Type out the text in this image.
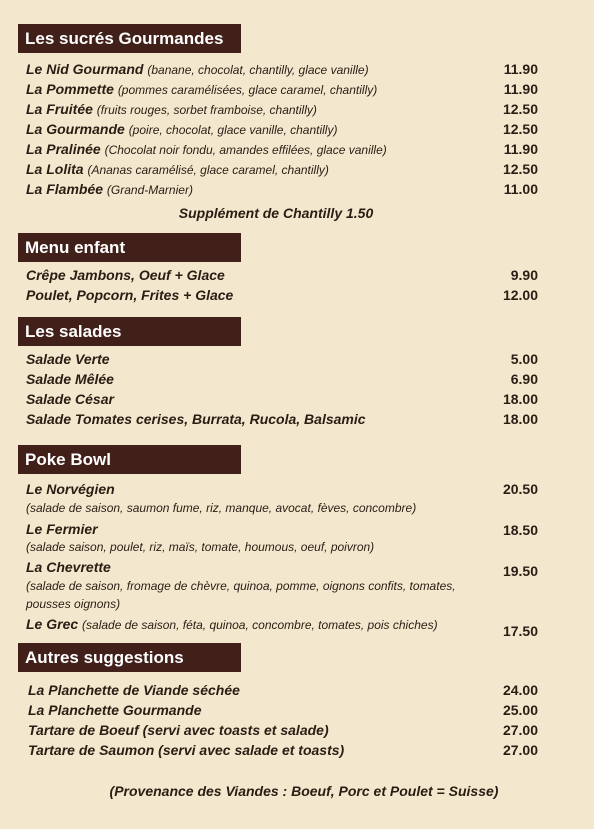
Les sucrés Gourmandes
Le Nid Gourmand (banane, chocolat, chantilly, glace vanille)	11.90
La Pommette (pommes caramélisées, glace caramel, chantilly)	11.90
La Fruitée (fruits rouges, sorbet framboise, chantilly)	12.50
La Gourmande (poire, chocolat, glace vanille, chantilly)	12.50
La Pralinée (Chocolat noir fondu, amandes effilées, glace vanille)	11.90
La Lolita (Ananas caramélisé, glace caramel, chantilly)	12.50
La Flambée (Grand-Marnier)	11.00
Supplément de Chantilly 1.50
Menu enfant
Crêpe Jambons, Oeuf + Glace	9.90
Poulet, Popcorn, Frites + Glace	12.00
Les salades
Salade Verte	5.00
Salade Mêlée	6.90
Salade César	18.00
Salade Tomates cerises, Burrata, Rucola, Balsamic	18.00
Poke Bowl
Le Norvégien	20.50
(salade de saison, saumon fume, riz, manque, avocat, fèves, concombre)
Le Fermier	18.50
(salade saison, poulet, riz, maïs, tomate, houmous, oeuf, poivron)
La Chevrette	19.50
(salade de saison, fromage de chèvre, quinoa, pomme, oignons confits, tomates,
pousses oignons)
Le Grec (salade de saison, féta, quinoa, concombre, tomates, pois chiches)	17.50
Autres suggestions
La Planchette de Viande séchée	24.00
La Planchette Gourmande	25.00
Tartare de Boeuf (servi avec toasts et salade)	27.00
Tartare de Saumon (servi avec salade et toasts)	27.00
(Provenance des Viandes : Boeuf, Porc et Poulet = Suisse)
